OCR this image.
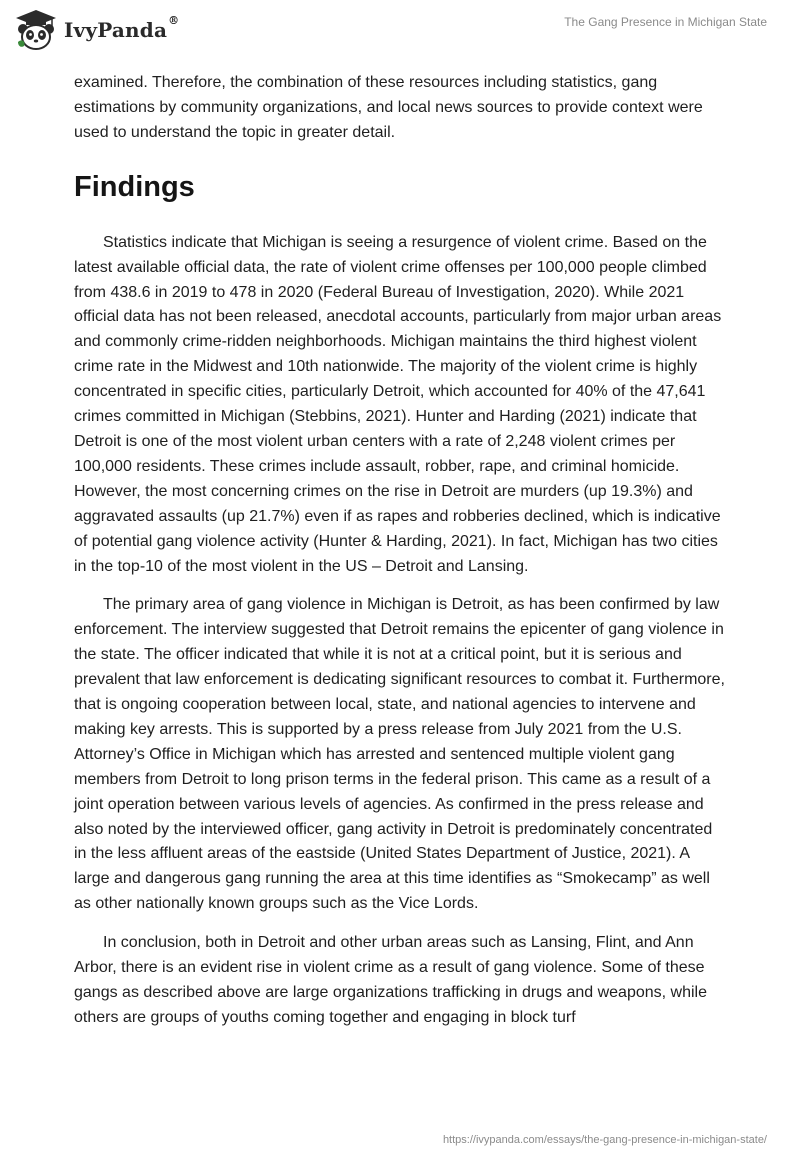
IvyPanda®	The Gang Presence in Michigan State

examined. Therefore, the combination of these resources including statistics, gang estimations by community organizations, and local news sources to provide context were used to understand the topic in greater detail.

Findings

Statistics indicate that Michigan is seeing a resurgence of violent crime. Based on the latest available official data, the rate of violent crime offenses per 100,000 people climbed from 438.6 in 2019 to 478 in 2020 (Federal Bureau of Investigation, 2020). While 2021 official data has not been released, anecdotal accounts, particularly from major urban areas and commonly crime-ridden neighborhoods. Michigan maintains the third highest violent crime rate in the Midwest and 10th nationwide. The majority of the violent crime is highly concentrated in specific cities, particularly Detroit, which accounted for 40% of the 47,641 crimes committed in Michigan (Stebbins, 2021). Hunter and Harding (2021) indicate that Detroit is one of the most violent urban centers with a rate of 2,248 violent crimes per 100,000 residents. These crimes include assault, robber, rape, and criminal homicide. However, the most concerning crimes on the rise in Detroit are murders (up 19.3%) and aggravated assaults (up 21.7%) even if as rapes and robberies declined, which is indicative of potential gang violence activity (Hunter & Harding, 2021). In fact, Michigan has two cities in the top-10 of the most violent in the US – Detroit and Lansing.

The primary area of gang violence in Michigan is Detroit, as has been confirmed by law enforcement. The interview suggested that Detroit remains the epicenter of gang violence in the state. The officer indicated that while it is not at a critical point, but it is serious and prevalent that law enforcement is dedicating significant resources to combat it. Furthermore, that is ongoing cooperation between local, state, and national agencies to intervene and making key arrests. This is supported by a press release from July 2021 from the U.S. Attorney’s Office in Michigan which has arrested and sentenced multiple violent gang members from Detroit to long prison terms in the federal prison. This came as a result of a joint operation between various levels of agencies. As confirmed in the press release and also noted by the interviewed officer, gang activity in Detroit is predominately concentrated in the less affluent areas of the eastside (United States Department of Justice, 2021). A large and dangerous gang running the area at this time identifies as “Smokecamp” as well as other nationally known groups such as the Vice Lords.

In conclusion, both in Detroit and other urban areas such as Lansing, Flint, and Ann Arbor, there is an evident rise in violent crime as a result of gang violence. Some of these gangs as described above are large organizations trafficking in drugs and weapons, while others are groups of youths coming together and engaging in block turf

https://ivypanda.com/essays/the-gang-presence-in-michigan-state/
